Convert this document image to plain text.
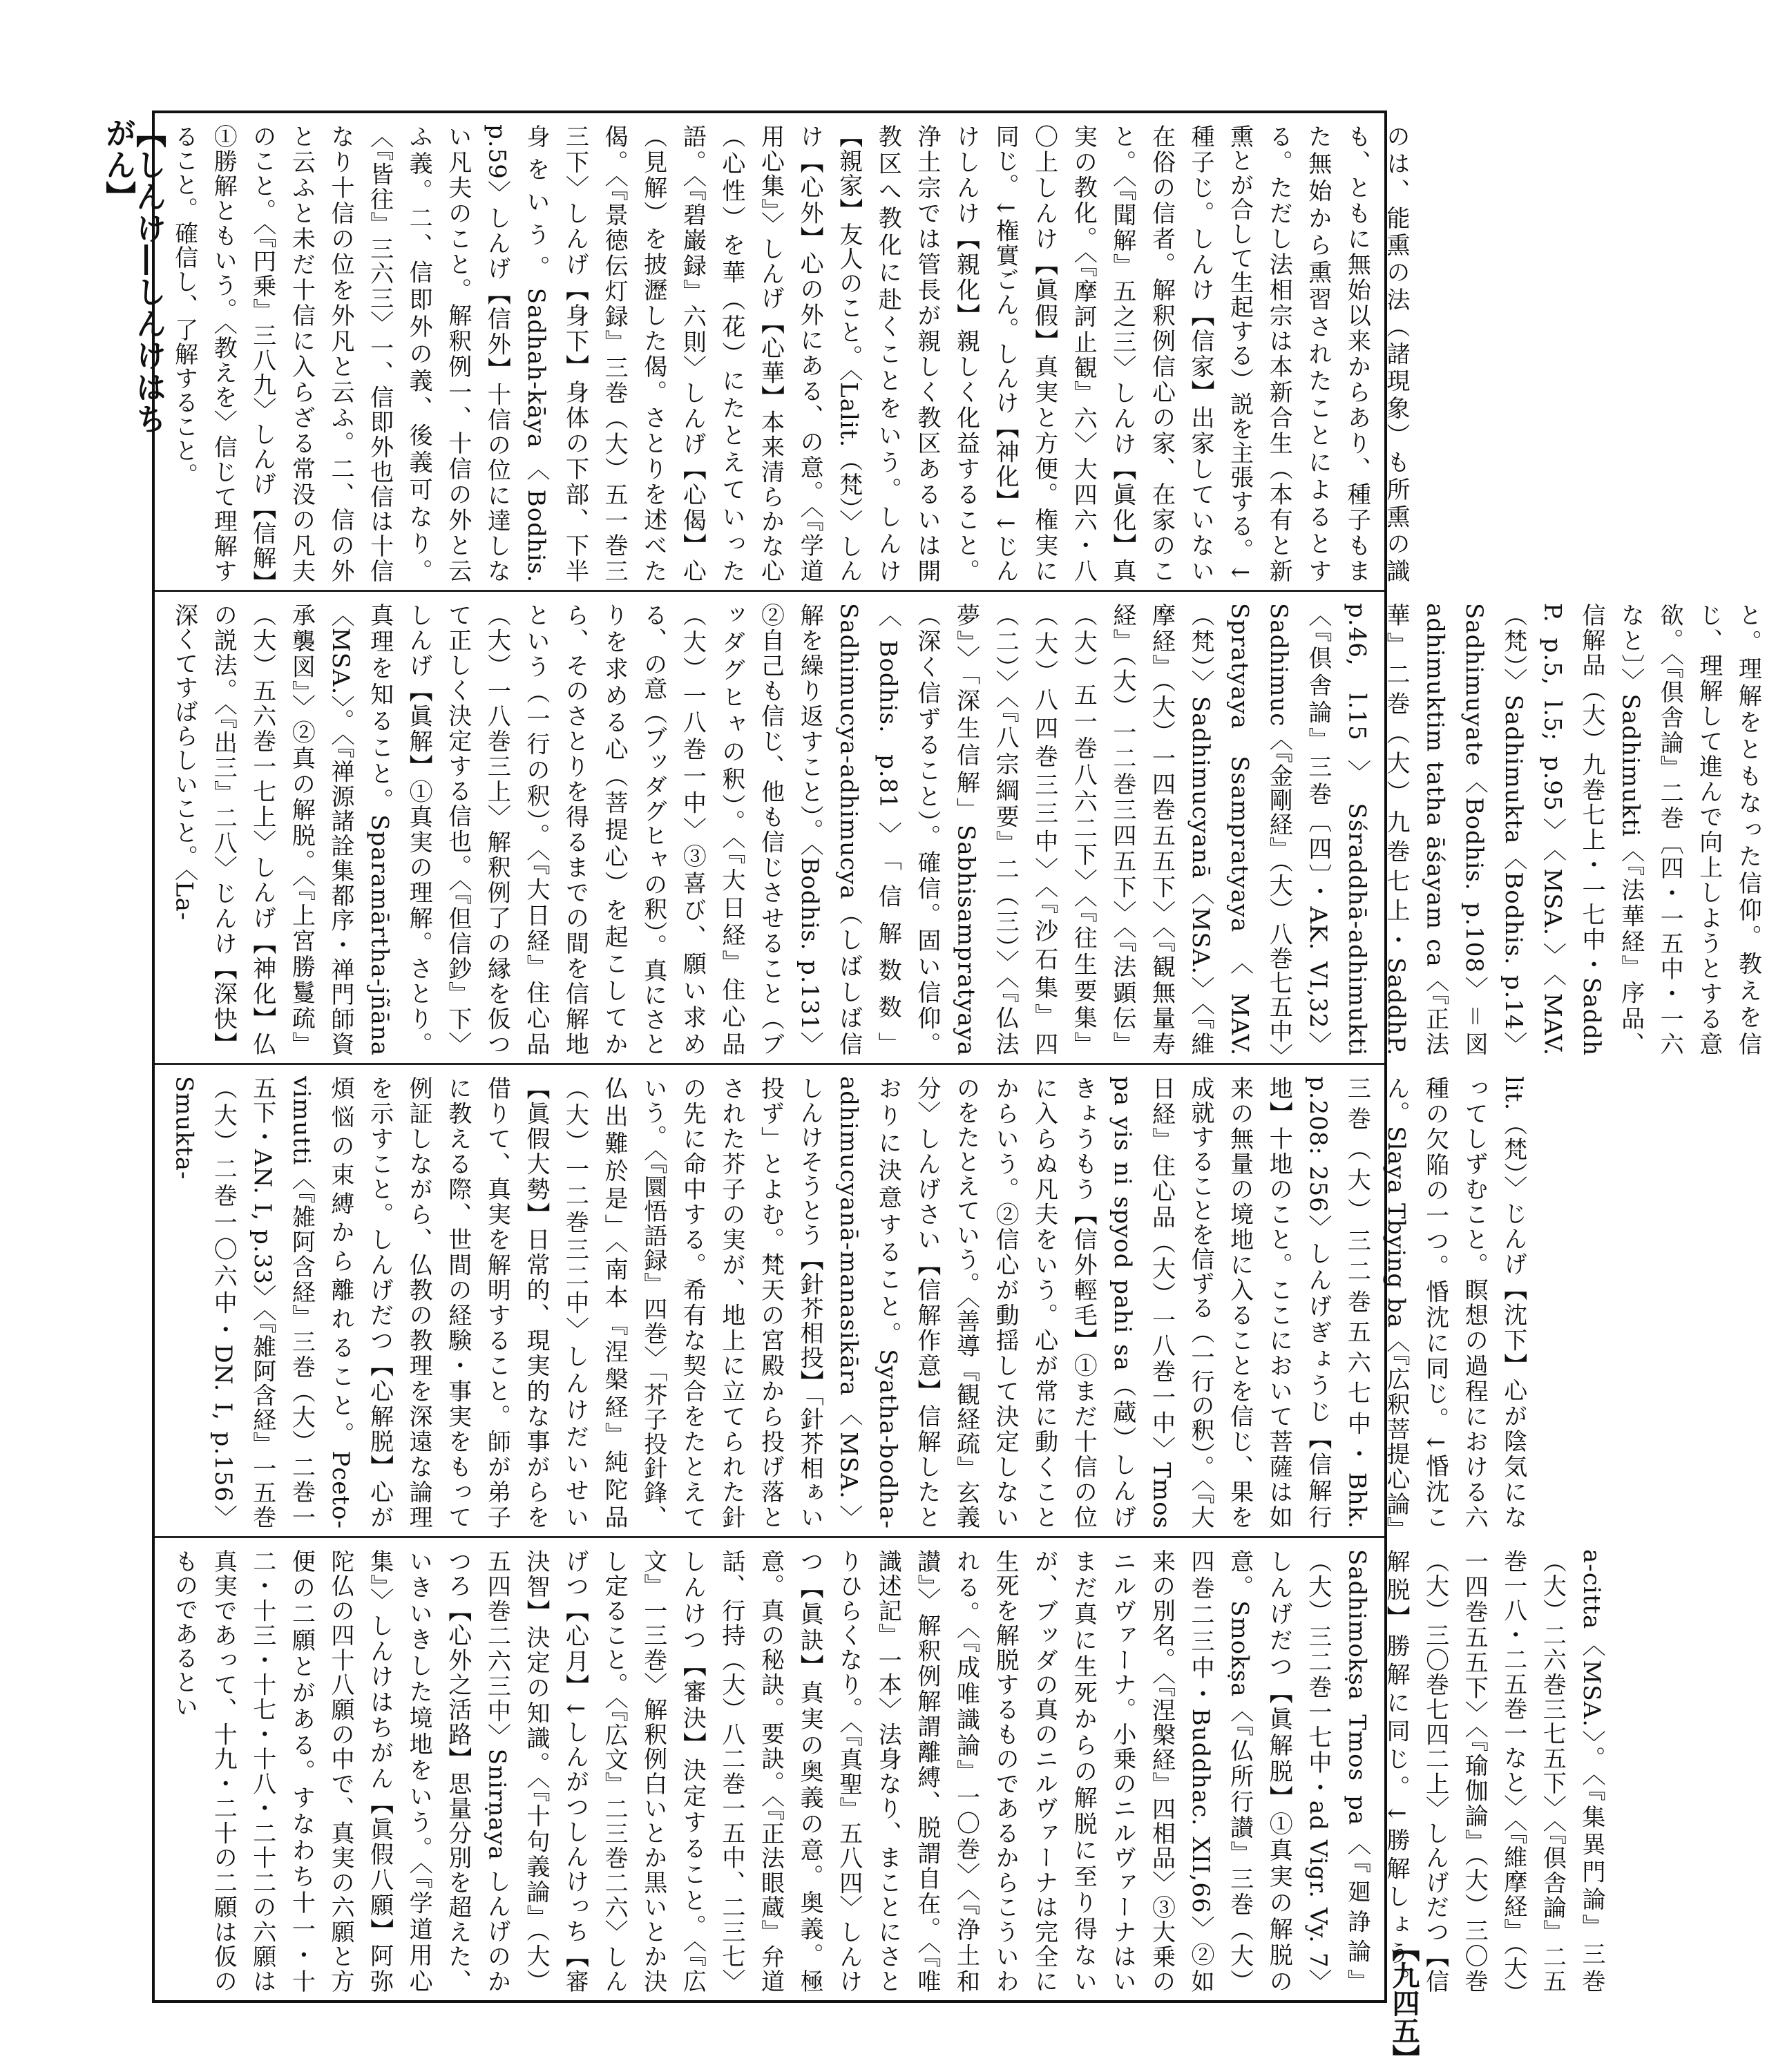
【しんけ―しんけはちがん】
【九四五】
のは、能熏の法（諸現象）も所熏の識も、ともに無始以来からあり、種子もまた無始から熏習されたことによるとする。ただし法相宗は本新合生（本有と新熏とが合して生起する）説を主張する。↓種子じ。しんけ【信家】出家していない在俗の信者。解釈例信心の家、在家のこと。〈『聞解』五之三〉しんけ【眞化】真実の教化。〈『摩訶止観』六〉大四六・八〇上しんけ【眞假】真実と方便。権実に同じ。↓権實ごん。しんけ【神化】↓じんけしんけ【親化】親しく化益すること。浄土宗では管長が親しく教区あるいは開教区へ教化に赴くことをいう。しんけ【親家】友人のこと。〈Lalit.（梵）〉しんけ【心外】心の外にある、の意。〈『学道用心集』〉しんげ【心華】本来清らかな心（心性）を華（花）にたとえていった語。〈『碧巌録』六則〉しんげ【心偈】心（見解）を披瀝した偈。さとりを述べた偈。〈『景徳伝灯録』三巻（大）五一巻三三下〉しんげ【身下】身体の下部、下半身をいう。Sadhah-kāya〈Bodhis. p.59〉しんげ【信外】十信の位に達しない凡夫のこと。解釈例一、十信の外と云ふ義。二、信即外の義、後義可なり。〈『皆往』三六三〉一、信即外也信は十信なり十信の位を外凡と云ふ。二、信の外と云ふと未だ十信に入らざる常没の凡夫のこと。〈『円乗』三八九〉しんげ【信解】①勝解ともいう。〈教えを〉信じて理解すること。確信し、了解すること。
と。理解をともなった信仰。教えを信じ、理解して進んで向上しようとする意欲。〈『倶舎論』二巻〔四・一五中・一六なと〕〉Sadhimukti〈『法華経』序品、信解品（大）九巻七上・一七中・Saddh P. p.5, l.5; p.95〉〈MSA.〉〈MAV.（梵）〉Sadhimukta〈Bodhis. p.14〉Sadhimuyate〈Bodhis. p.108〉＝図adhimuktim tatha āśayam ca〈『正法華』二巻（大）九巻七上・SaddhP. p.46, l.15〉Sśraddhā-adhimukti〈『倶舎論』三巻〔四〕・AK. VI,32〉Sadhimuc〈『金剛経』（大）八巻七五中〉Spratyaya Ssampratyaya〈MAV.（梵）〉Sadhimucyanā〈MSA.〉〈『維摩経』（大）一四巻五五下〉〈『観無量寿経』（大）一二巻三四五下〉〈『法顕伝』（大）五一巻八六二下〉〈『往生要集』（大）八四巻三三中〉〈『沙石集』四（二）〉〈『八宗綱要』二（三）〉〈『仏法夢』〉「深生信解」Sabhisampratyaya（深く信ずること）。確信。固い信仰。〈Bodhis. p.81〉「信解数数」Sadhimucya-adhimucya（しばしば信解を繰り返すこと）。〈Bodhis. p.131〉②自己も信じ、他も信じさせること（ブッダグヒャの釈）。〈『大日経』住心品（大）一八巻一中〉③喜び、願い求める、の意（ブッダグヒャの釈）。真にさとりを求める心（菩提心）を起こしてから、そのさとりを得るまでの間を信解地という（一行の釈）。〈『大日経』住心品（大）一八巻三上〉解釈例了の縁を仮つて正しく決定する信也。〈『但信鈔』下〉しんげ【眞解】①真実の理解。さとり。真理を知ること。Sparamārtha-jñāna〈MSA.〉。〈『禅源諸詮集都序・禅門師資承襲図』〉②真の解脱。〈『上宮勝鬘疏』（大）五六巻一七上〉しんげ【神化】仏の説法。〈『出三』二八〉じんけ【深快】深くてすばらしいこと。〈La-
lit.（梵）〉じんげ【沈下】心が陰気になってしずむこと。瞑想の過程における六種の欠陥の一つ。惛沈に同じ。↓惛沈こん。Slaya Tbying ba〈『広釈菩提心論』三巻（大）三二巻五六七中・Bhk. p.208: 256〉しんげぎょうじ【信解行地】十地のこと。ここにおいて菩薩は如来の無量の境地に入ることを信じ、果を成就することを信ずる（一行の釈）。〈『大日経』住心品（大）一八巻一中〉Tmos pa yis ni spyod pahi sa（蔵）しんげきょうもう【信外輕毛】①まだ十信の位に入らぬ凡夫をいう。心が常に動くことからいう。②信心が動揺して決定しないのをたとえていう。〈善導『観経疏』玄義分〉しんげさい【信解作意】信解したとおりに決意すること。Syatha-bodha-adhimucyanā-manasikāra〈MSA.〉しんけそうとう【針芥相投】「針芥相ぁい投ず」とよむ。梵天の宮殿から投げ落とされた芥子の実が、地上に立てられた針の先に命中する。希有な契合をたとえていう。〈『圜悟語録』四巻〉「芥子投針鋒、仏出難於是」〈南本『涅槃経』純陀品（大）一二巻三二中〉しんけだいせい【眞假大勢】日常的、現実的な事がらを借りて、真実を解明すること。師が弟子に教える際、世間の経験・事実をもって例証しながら、仏教の教理を深遠な論理を示すこと。しんげだつ【心解脱】心が煩悩の束縛から離れること。Pceto-vimutti〈『雑阿含経』三巻（大）二巻一五下・AN. I, p.33〉〈『雑阿含経』一五巻（大）二巻一〇六中・DN. I, p.156〉Smukta-
a-citta〈MSA.〉。〈『集異門論』三巻（大）二六巻三七五下〉〈『倶舎論』二五巻一八・二五巻一なと〉〈『維摩経』（大）一四巻五五下〉〈『瑜伽論』（大）三〇巻（大）三〇巻七四二上〉しんげだつ【信解脱】勝解に同じ。↓勝解しょう。Sadhimokṣa Tmos pa〈『廻諍論』（大）三二巻一七中・ad Vigr. Vy. 7〉しんげだつ【眞解脱】①真実の解脱の意。Smokṣa〈『仏所行讃』三巻（大）四巻二三中・Buddhac. XII,66〉②如来の別名。〈『涅槃経』四相品〉③大乗のニルヴァーナ。小乗のニルヴァーナはいまだ真に生死からの解脱に至り得ないが、ブッダの真のニルヴァーナは完全に生死を解脱するものであるからこういわれる。〈『成唯識論』一〇巻〉〈『浄土和讃』〉解釈例解謂離縛、脱謂自在。〈『唯識述記』一本〉法身なり、まことにさとりひらくなり。〈『真聖』五八四〉しんけつ【眞訣】真実の奥義の意。奥義。極意。真の秘訣。要訣。〈『正法眼蔵』弁道話、行持（大）八二巻一五中、二三七〉しんけつ【審決】決定すること。〈『広文』一三巻〉解釈例白いとか黒いとか決し定ること。〈『広文』二三巻二六〉しんげつ【心月】↓しんがつしんけっち【審決智】決定の知識。〈『十句義論』（大）五四巻二六三中〉Snirṇaya しんげのかつろ【心外之活路】思量分別を超えた、いきいきした境地をいう。〈『学道用心集』〉しんけはちがん【眞假八願】阿弥陀仏の四十八願の中で、真実の六願と方便の二願とがある。すなわち十一・十二・十三・十七・十八・二十二の六願は真実であって、十九・二十の二願は仮のものであるとい
